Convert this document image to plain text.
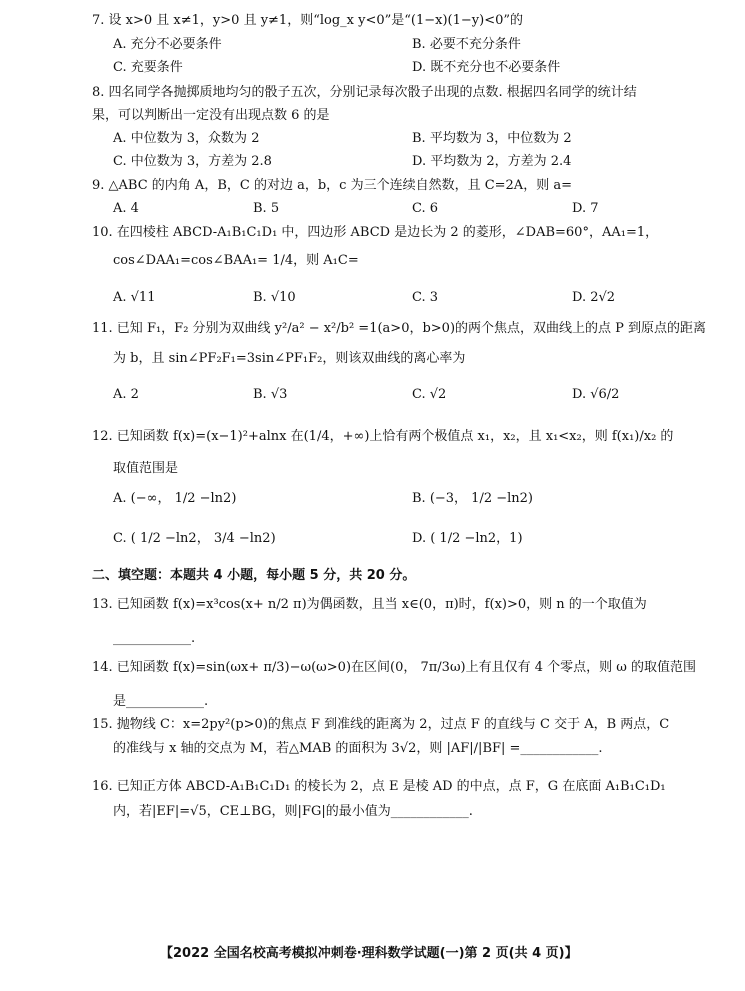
7. 设 x>0 且 x≠1，y>0 且 y≠1，则“log_x y<0”是“(1−x)(1−y)<0”的
A. 充分不必要条件	B. 必要不充分条件
C. 充要条件	D. 既不充分也不必要条件
8. 四名同学各抛掷质地均匀的骰子五次，分别记录每次骰子出现的点数. 根据四名同学的统计结
果，可以判断出一定没有出现点数 6 的是
A. 中位数为 3，众数为 2	B. 平均数为 3，中位数为 2
C. 中位数为 3，方差为 2.8	D. 平均数为 2，方差为 2.4
9. △ABC 的内角 A，B，C 的对边 a，b，c 为三个连续自然数，且 C=2A，则 a=
A. 4	B. 5	C. 6	D. 7
10. 在四棱柱 ABCD-A₁B₁C₁D₁ 中，四边形 ABCD 是边长为 2 的菱形，∠DAB=60°，AA₁=1，
cos∠DAA₁=cos∠BAA₁= 1/4，则 A₁C=
A. √11	B. √10	C. 3	D. 2√2
11. 已知 F₁，F₂ 分别为双曲线 y²/a² − x²/b² =1(a>0，b>0)的两个焦点，双曲线上的点 P 到原点的距离
为 b，且 sin∠PF₂F₁=3sin∠PF₁F₂，则该双曲线的离心率为
A. 2	B. √3	C. √2	D. √6/2
12. 已知函数 f(x)=(x−1)²+alnx 在(1/4，+∞)上恰有两个极值点 x₁，x₂，且 x₁<x₂，则 f(x₁)/x₂ 的
取值范围是
A. (−∞， 1/2 −ln2)	B. (−3， 1/2 −ln2)
C. ( 1/2 −ln2， 3/4 −ln2)	D. ( 1/2 −ln2，1)
二、填空题：本题共 4 小题，每小题 5 分，共 20 分。
13. 已知函数 f(x)=x³cos(x+ n/2 π)为偶函数，且当 x∈(0，π)时，f(x)>0，则 n 的一个取值为
____________.
14. 已知函数 f(x)=sin(ωx+ π/3)−ω(ω>0)在区间(0， 7π/3ω)上有且仅有 4 个零点，则 ω 的取值范围
是____________.
15. 抛物线 C：x=2py²(p>0)的焦点 F 到准线的距离为 2，过点 F 的直线与 C 交于 A，B 两点，C
的准线与 x 轴的交点为 M，若△MAB 的面积为 3√2，则 |AF|/|BF| =____________.
16. 已知正方体 ABCD-A₁B₁C₁D₁ 的棱长为 2，点 E 是棱 AD 的中点，点 F，G 在底面 A₁B₁C₁D₁
内，若|EF|=√5，CE⊥BG，则|FG|的最小值为____________.
【2022 全国名校高考模拟冲刺卷·理科数学试题(一)第 2 页(共 4 页)】
